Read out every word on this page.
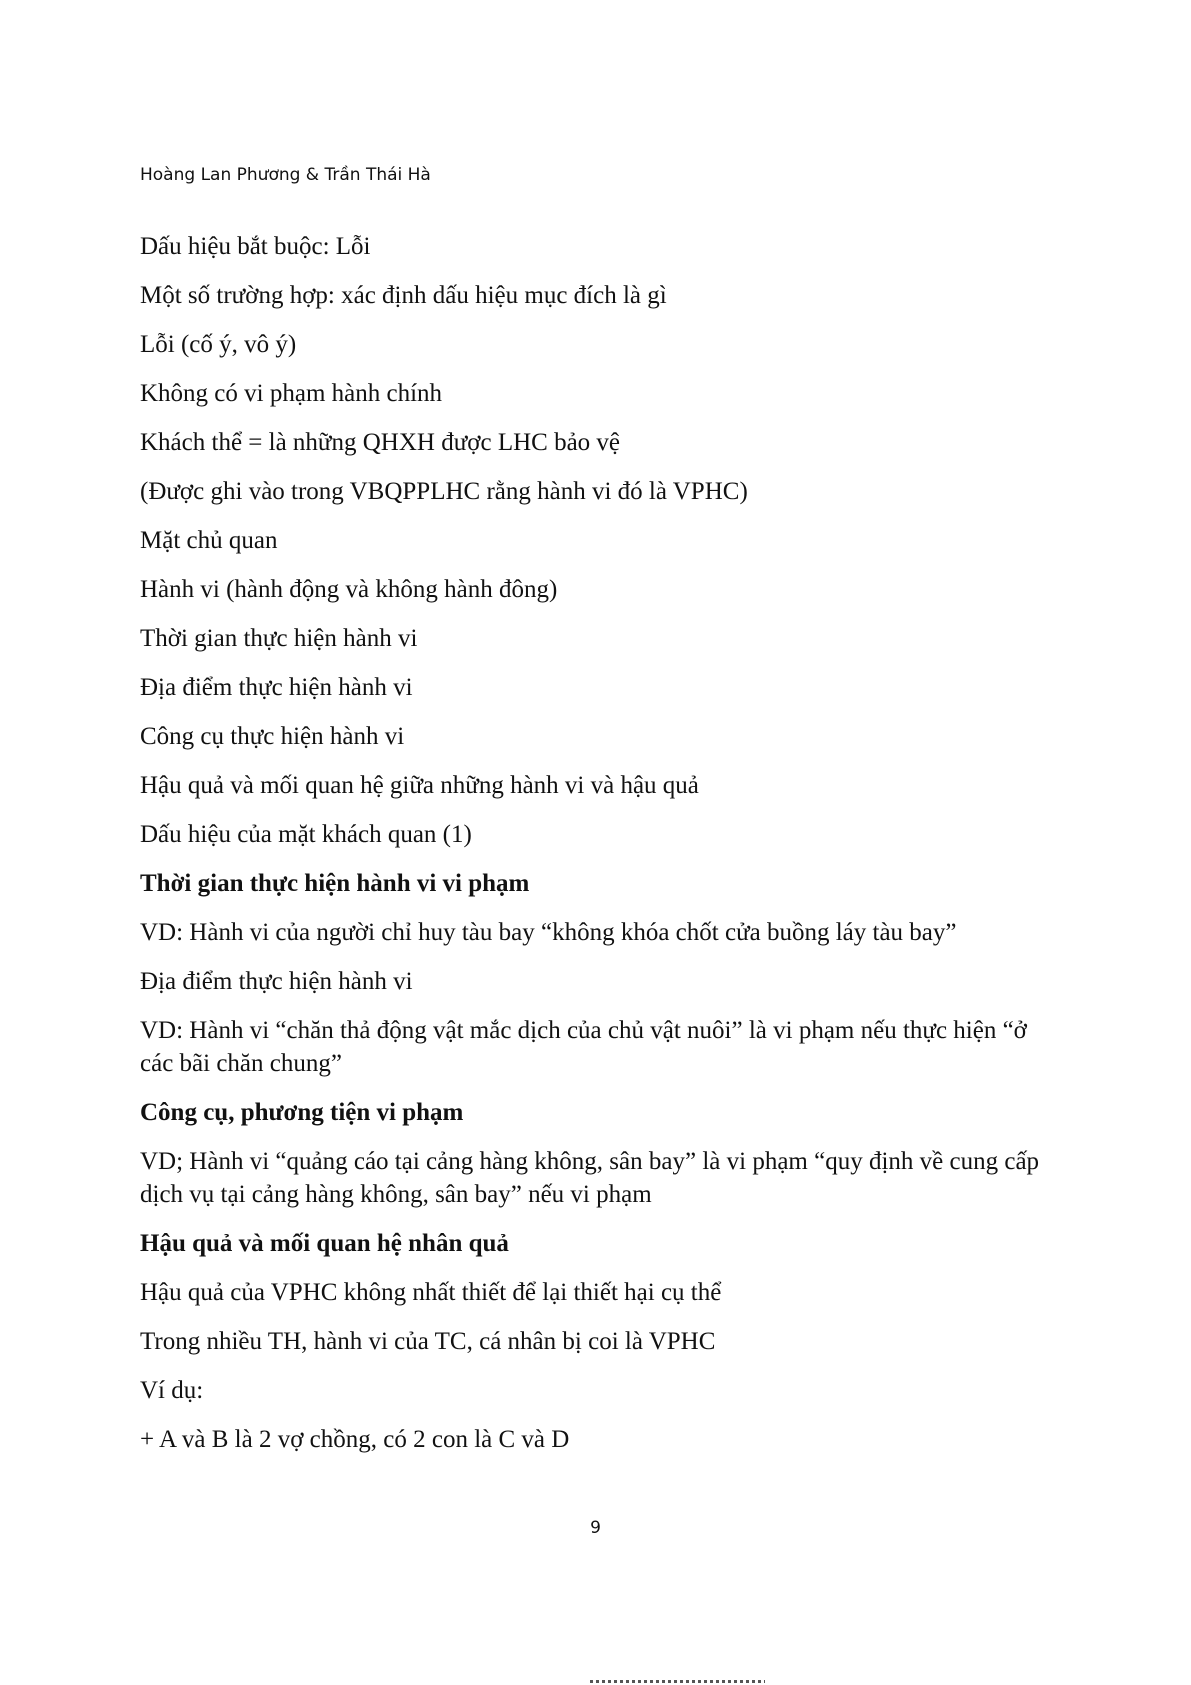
Hoàng Lan Phương & Trần Thái Hà

Dấu hiệu bắt buộc: Lỗi

Một số trường hợp: xác định dấu hiệu mục đích là gì

Lỗi (cố ý, vô ý)

Không có vi phạm hành chính

Khách thể = là những QHXH được LHC bảo vệ

(Được ghi vào trong VBQPPLHC rằng hành vi đó là VPHC)

Mặt chủ quan

Hành vi (hành động và không hành đông)

Thời gian thực hiện hành vi

Địa điểm thực hiện hành vi

Công cụ thực hiện hành vi

Hậu quả và mối quan hệ giữa những hành vi và hậu quả

Dấu hiệu của mặt khách quan (1)

Thời gian thực hiện hành vi vi phạm

VD: Hành vi của người chỉ huy tàu bay “không khóa chốt cửa buồng láy tàu bay”

Địa điểm thực hiện hành vi

VD: Hành vi “chăn thả động vật mắc dịch của chủ vật nuôi” là vi phạm nếu thực hiện “ở các bãi chăn chung”

Công cụ, phương tiện vi phạm

VD; Hành vi “quảng cáo tại cảng hàng không, sân bay” là vi phạm “quy định về cung cấp dịch vụ tại cảng hàng không, sân bay” nếu vi phạm

Hậu quả và mối quan hệ nhân quả

Hậu quả của VPHC không nhất thiết để lại thiết hại cụ thể

Trong nhiều TH, hành vi của TC, cá nhân bị coi là VPHC

Ví dụ:

+ A và B là 2 vợ chồng, có 2 con là C và D

9
